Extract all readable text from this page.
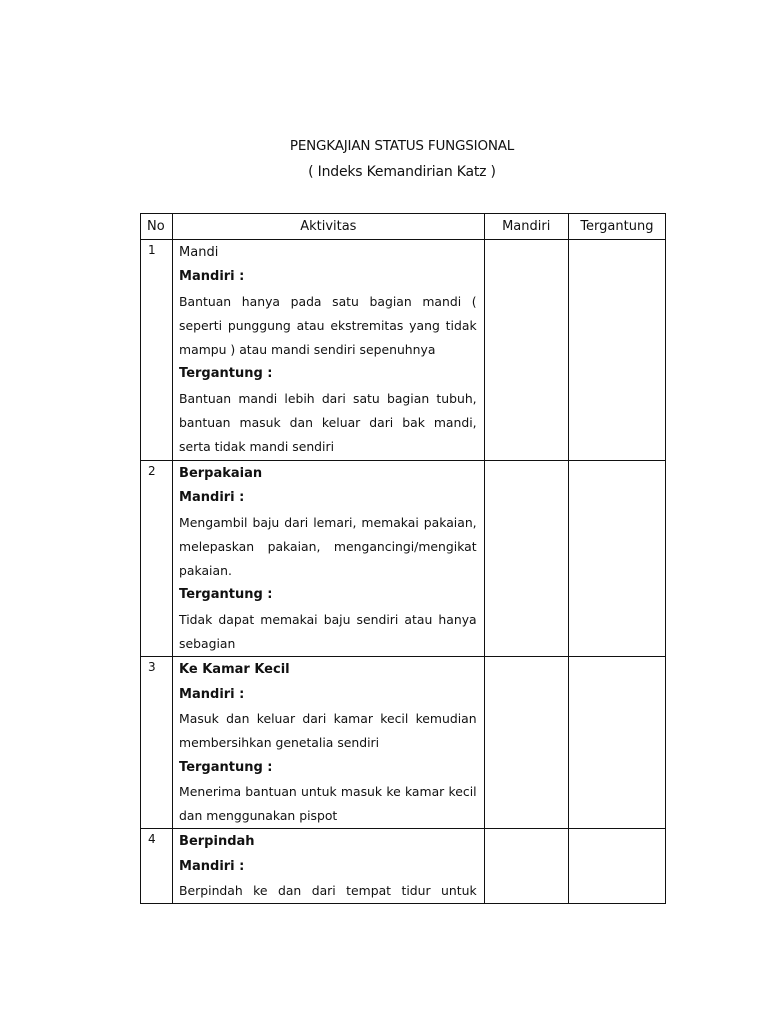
PENGKAJIAN STATUS FUNGSIONAL
( Indeks Kemandirian Katz )
No	Aktivitas	Mandiri	Tergantung
1	Mandi
Mandiri :
Bantuan hanya pada satu bagian mandi ( seperti punggung atau ekstremitas yang tidak mampu ) atau mandi sendiri sepenuhnya
Tergantung :
Bantuan mandi lebih dari satu bagian tubuh, bantuan masuk dan keluar dari bak mandi, serta tidak mandi sendiri		

2	Berpakaian
Mandiri :
Mengambil baju dari lemari, memakai pakaian, melepaskan pakaian, mengancingi/mengikat pakaian.
Tergantung :
Tidak dapat memakai baju sendiri atau hanya sebagian		

3	Ke Kamar Kecil
Mandiri :
Masuk dan keluar dari kamar kecil kemudian membersihkan genetalia sendiri
Tergantung :
Menerima bantuan untuk masuk ke kamar kecil dan menggunakan pispot		

4	Berpindah
Mandiri :
Berpindah ke dan dari tempat tidur untuk		
